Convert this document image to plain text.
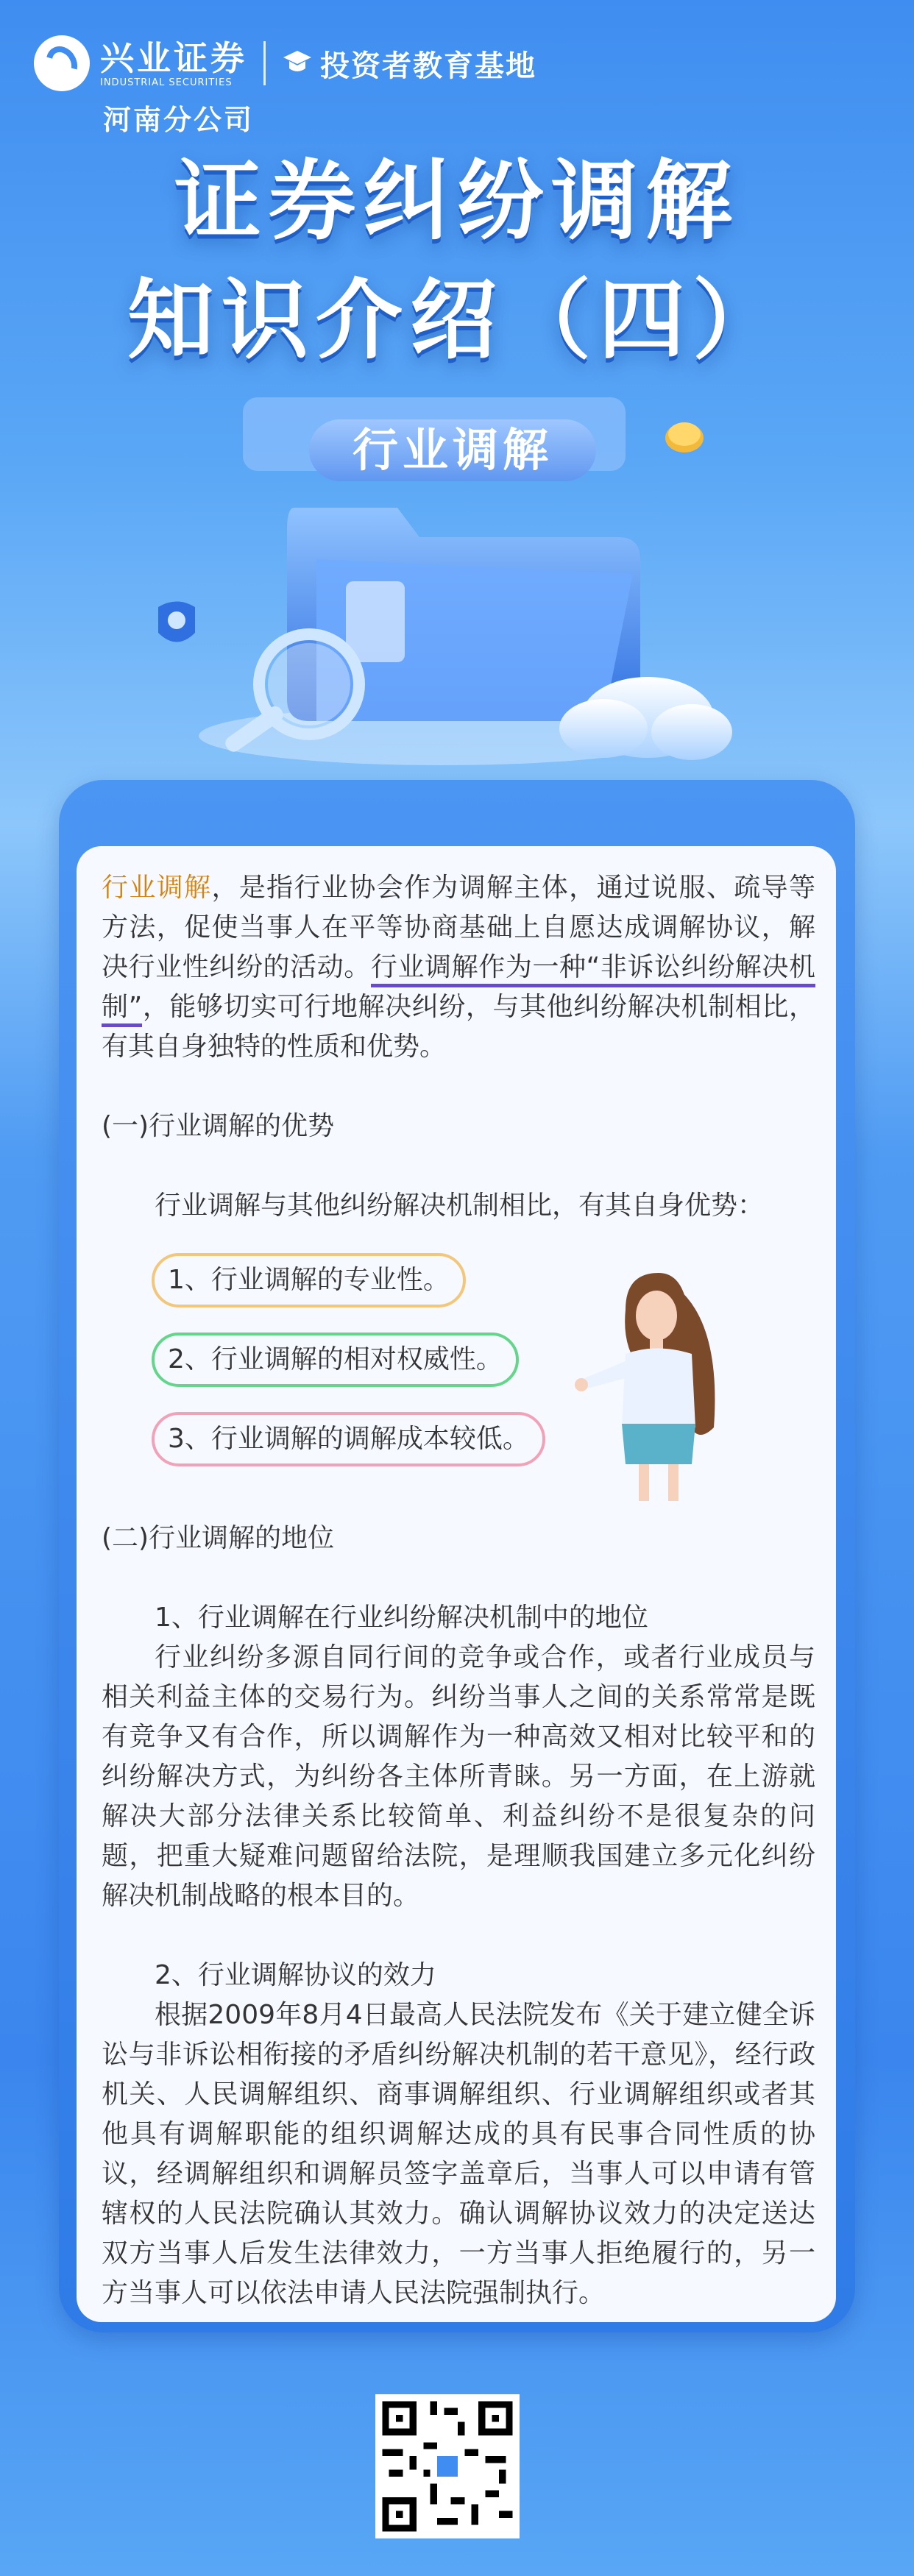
兴业证券
INDUSTRIAL SECURITIES	投资者教育基地
河南分公司
证券纠纷调解
知识介绍（四）
行业调解

行业调解，是指行业协会作为调解主体，通过说服、疏导等方法，促使当事人在平等协商基础上自愿达成调解协议，解决行业性纠纷的活动。行业调解作为一种“非诉讼纠纷解决机制”，能够切实可行地解决纠纷，与其他纠纷解决机制相比，有其自身独特的性质和优势。

(一)行业调解的优势

行业调解与其他纠纷解决机制相比，有其自身优势：

1、行业调解的专业性。
2、行业调解的相对权威性。
3、行业调解的调解成本较低。

(二)行业调解的地位

1、行业调解在行业纠纷解决机制中的地位

行业纠纷多源自同行间的竞争或合作，或者行业成员与相关利益主体的交易行为。纠纷当事人之间的关系常常是既有竞争又有合作，所以调解作为一种高效又相对比较平和的纠纷解决方式，为纠纷各主体所青睐。另一方面，在上游就解决大部分法律关系比较简单、利益纠纷不是很复杂的问题，把重大疑难问题留给法院，是理顺我国建立多元化纠纷解决机制战略的根本目的。

2、行业调解协议的效力

根据2009年8月4日最高人民法院发布《关于建立健全诉讼与非诉讼相衔接的矛盾纠纷解决机制的若干意见》，经行政机关、人民调解组织、商事调解组织、行业调解组织或者其他具有调解职能的组织调解达成的具有民事合同性质的协议，经调解组织和调解员签字盖章后，当事人可以申请有管辖权的人民法院确认其效力。确认调解协议效力的决定送达双方当事人后发生法律效力，一方当事人拒绝履行的，另一方当事人可以依法申请人民法院强制执行。
